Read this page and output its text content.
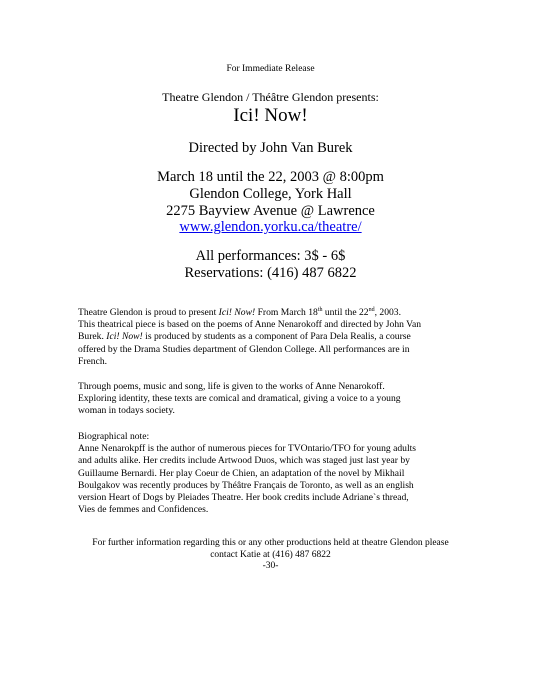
For Immediate Release
Theatre Glendon / Théâtre Glendon presents:
Ici! Now!
Directed by John Van Burek
March 18 until the 22, 2003 @ 8:00pm
Glendon College, York Hall
2275 Bayview Avenue @ Lawrence
www.glendon.yorku.ca/theatre/
All performances: 3$ - 6$
Reservations: (416) 487 6822

Theatre Glendon is proud to present Ici! Now! From March 18th until the 22nd, 2003.

This theatrical piece is based on the poems of Anne Nenarokoff and directed by John Van

Burek. Ici! Now! is produced by students as a component of Para Dela Realis, a course

offered by the Drama Studies department of Glendon College. All performances are in

French.

Through poems, music and song, life is given to the works of Anne Nenarokoff.

Exploring identity, these texts are comical and dramatical, giving a voice to a young

woman in todays society.

Biographical note:

Anne Nenarokpff is the author of numerous pieces for TVOntario/TFO for young adults

and adults alike. Her credits include Artwood Duos, which was staged just last year by

Guillaume Bernardi. Her play Coeur de Chien, an adaptation of the novel by Mikhail

Boulgakov was recently produces by Théâtre Français de Toronto, as well as an english

version Heart of Dogs by Pleiades Theatre. Her book credits include Adriane`s thread,

Vies de femmes and Confidences.

For further information regarding this or any other productions held at theatre Glendon please
contact Katie at (416) 487 6822
-30-
